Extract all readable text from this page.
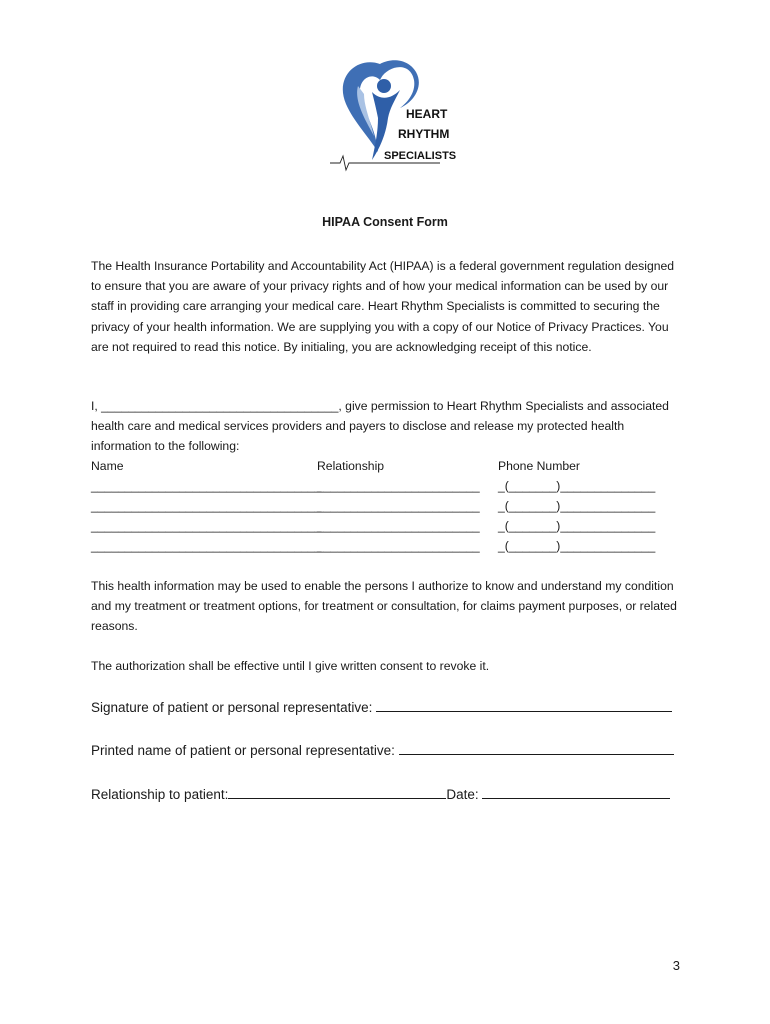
HEART
RHYTHM
SPECIALISTS
HIPAA Consent Form
The Health Insurance Portability and Accountability Act (HIPAA) is a federal government regulation designed to ensure that you are aware of your privacy rights and of how your medical information can be used by our staff in providing care arranging your medical care. Heart Rhythm Specialists is committed to securing the privacy of your health information. We are supplying you with a copy of our Notice of Privacy Practices. You are not required to read this notice. By initialing, you are acknowledging receipt of this notice.
I, ___________________________________, give permission to Heart Rhythm Specialists and associated health care and medical services providers and payers to disclose and release my protected health information to the following:
Name
__________________________________
__________________________________
__________________________________
__________________________________
Relationship
________________________
________________________
________________________
________________________
Phone Number
_(_______)______________
_(_______)______________
_(_______)______________
_(_______)______________
This health information may be used to enable the persons I authorize to know and understand my condition and my treatment or treatment options, for treatment or consultation, for claims payment purposes, or related reasons.
The authorization shall be effective until I give written consent to revoke it.
Signature of patient or personal representative:
Printed name of patient or personal representative:
Relationship to patient:	Date:
3
